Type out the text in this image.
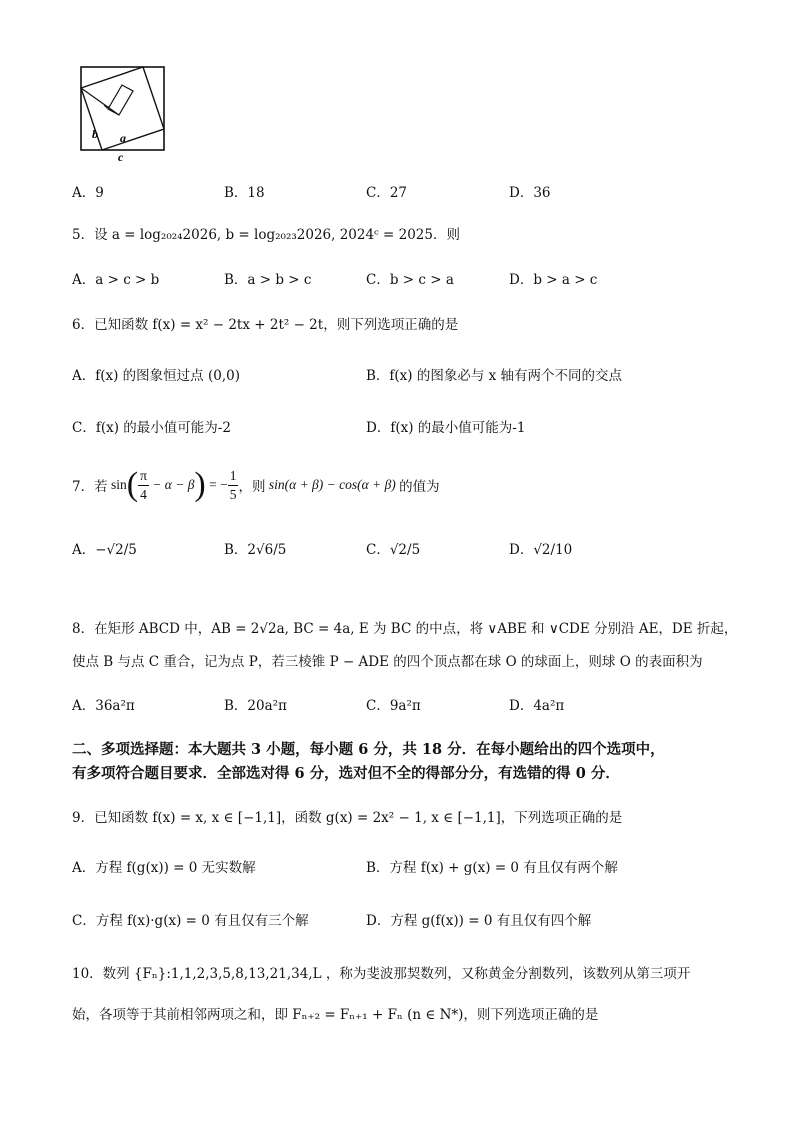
b a
c
A．9	B．18	C．27	D．36
5．设 a = log₂₀₂₄2026, b = log₂₀₂₃2026, 2024ᶜ = 2025．则
A．a > c > b	B．a > b > c	C．b > c > a	D．b > a > c
6．已知函数 f(x) = x² − 2tx + 2t² − 2t，则下列选项正确的是
A．f(x) 的图象恒过点 (0,0)	B．f(x) 的图象必与 x 轴有两个不同的交点
C．f(x) 的最小值可能为-2	D．f(x) 的最小值可能为-1
7．若 sin ( $\frac{\pi}{4} - \alpha - \beta$ ) = − $\frac{1}{5}$ ，则 sin(α + β) − cos(α + β) 的值为
A．−√2/5	B．2√6/5	C．√2/5	D．√2/10
8．在矩形 ABCD 中，AB = 2√2a, BC = 4a, E 为 BC 的中点，将 ∨ABE 和 ∨CDE 分别沿 AE，DE 折起，
使点 B 与点 C 重合，记为点 P，若三棱锥 P − ADE 的四个顶点都在球 O 的球面上，则球 O 的表面积为
A．36a²π	B．20a²π	C．9a²π	D．4a²π
二、多项选择题：本大题共 3 小题，每小题 6 分，共 18 分．在每小题给出的四个选项中，
有多项符合题目要求．全部选对得 6 分，选对但不全的得部分分，有选错的得 0 分．
9．已知函数 f(x) = x, x ∈ [−1,1]，函数 g(x) = 2x² − 1, x ∈ [−1,1]，下列选项正确的是
A．方程 f(g(x)) = 0 无实数解	B．方程 f(x) + g(x) = 0 有且仅有两个解
C．方程 f(x)·g(x) = 0 有且仅有三个解	D．方程 g(f(x)) = 0 有且仅有四个解
10．数列 {Fₙ}:1,1,2,3,5,8,13,21,34,L ，称为斐波那契数列，又称黄金分割数列，该数列从第三项开
始，各项等于其前相邻两项之和，即 Fₙ₊₂ = Fₙ₊₁ + Fₙ (n ∈ N*)，则下列选项正确的是
